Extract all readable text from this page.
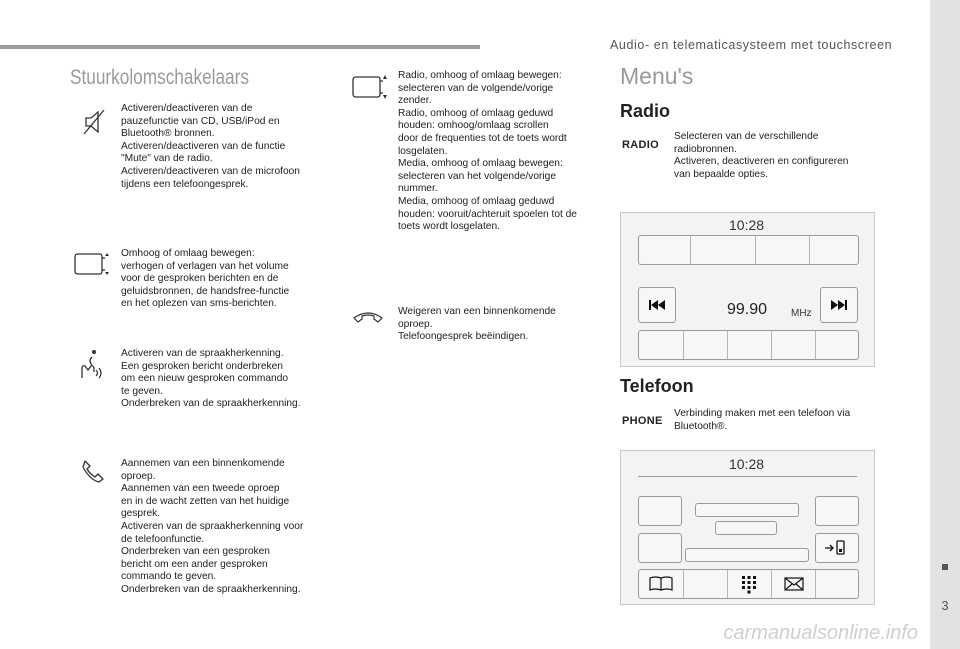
Audio- en telematicasysteem met touchscreen
3
Stuurkolomschakelaars
Activeren/deactiveren van de
pauzefunctie van CD, USB/iPod en
Bluetooth® bronnen.
Activeren/deactiveren van de functie
"Mute" van de radio.
Activeren/deactiveren van de microfoon
tijdens een telefoongesprek.
Omhoog of omlaag bewegen:
verhogen of verlagen van het volume
voor de gesproken berichten en de
geluidsbronnen, de handsfree-functie
en het oplezen van sms-berichten.
Activeren van de spraakherkenning.
Een gesproken bericht onderbreken
om een nieuw gesproken commando
te geven.
Onderbreken van de spraakherkenning.
Aannemen van een binnenkomende
oproep.
Aannemen van een tweede oproep
en in de wacht zetten van het huidige
gesprek.
Activeren van de spraakherkenning voor
de telefoonfunctie.
Onderbreken van een gesproken
bericht om een ander gesproken
commando te geven.
Onderbreken van de spraakherkenning.
Radio, omhoog of omlaag bewegen:
selecteren van de volgende/vorige
zender.
Radio, omhoog of omlaag geduwd
houden: omhoog/omlaag scrollen
door de frequenties tot de toets wordt
losgelaten.
Media, omhoog of omlaag bewegen:
selecteren van het volgende/vorige
nummer.
Media, omhoog of omlaag geduwd
houden: vooruit/achteruit spoelen tot de
toets wordt losgelaten.
Weigeren van een binnenkomende
oproep.
Telefoongesprek beëindigen.
Menu's
Radio
RADIO
Selecteren van de verschillende
radiobronnen.
Activeren, deactiveren en configureren
van bepaalde opties.
10:28
99.90 MHz
Telefoon
PHONE
Verbinding maken met een telefoon via
Bluetooth®.
10:28
carmanualsonline.info
